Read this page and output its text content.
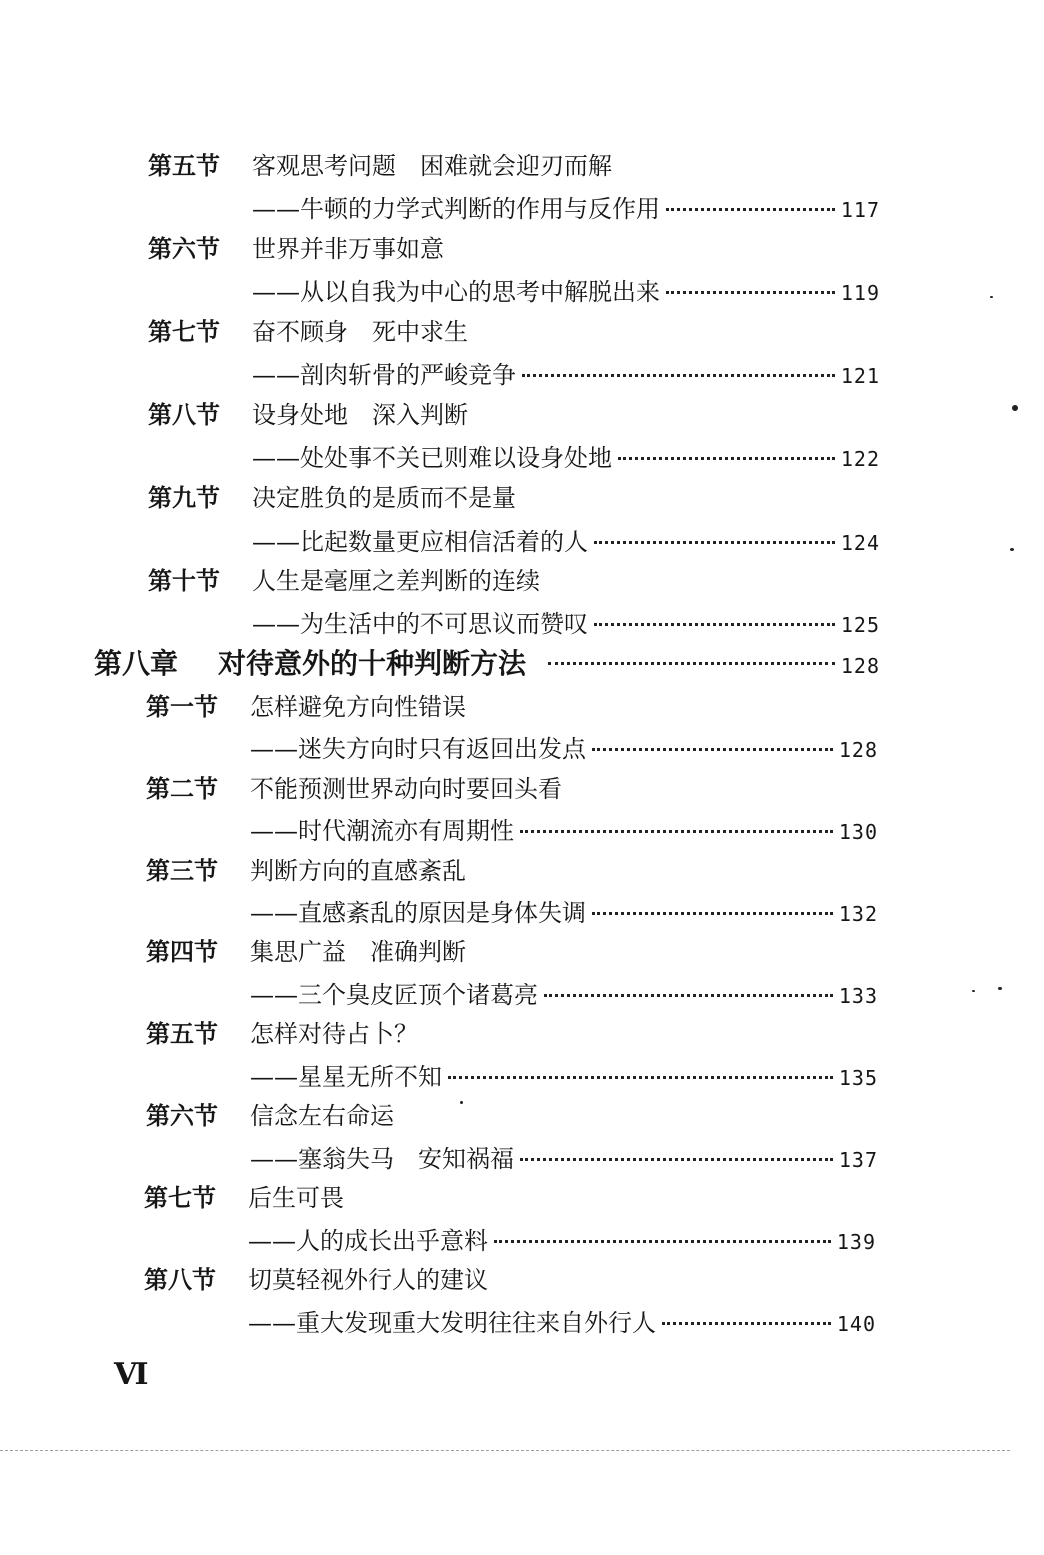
第五节 客观思考问题　困难就会迎刃而解
——牛顿的力学式判断的作用与反作用	117
第六节 世界并非万事如意
——从以自我为中心的思考中解脱出来	119
第七节 奋不顾身　死中求生
——剖肉斩骨的严峻竞争	121
第八节 设身处地　深入判断
——处处事不关已则难以设身处地	122
第九节 决定胜负的是质而不是量
——比起数量更应相信活着的人	124
第十节 人生是毫厘之差判断的连续
——为生活中的不可思议而赞叹	125
第八章	对待意外的十种判断方法	128
第一节 怎样避免方向性错误
——迷失方向时只有返回出发点	128
第二节 不能预测世界动向时要回头看
——时代潮流亦有周期性	130
第三节 判断方向的直感紊乱
——直感紊乱的原因是身体失调	132
第四节 集思广益　准确判断
——三个臭皮匠顶个诸葛亮	133
第五节 怎样对待占卜？
——星星无所不知	135
第六节 信念左右命运
——塞翁失马　安知祸福	137
第七节 后生可畏
——人的成长出乎意料	139
第八节 切莫轻视外行人的建议
——重大发现重大发明往往来自外行人	140
Ⅵ
